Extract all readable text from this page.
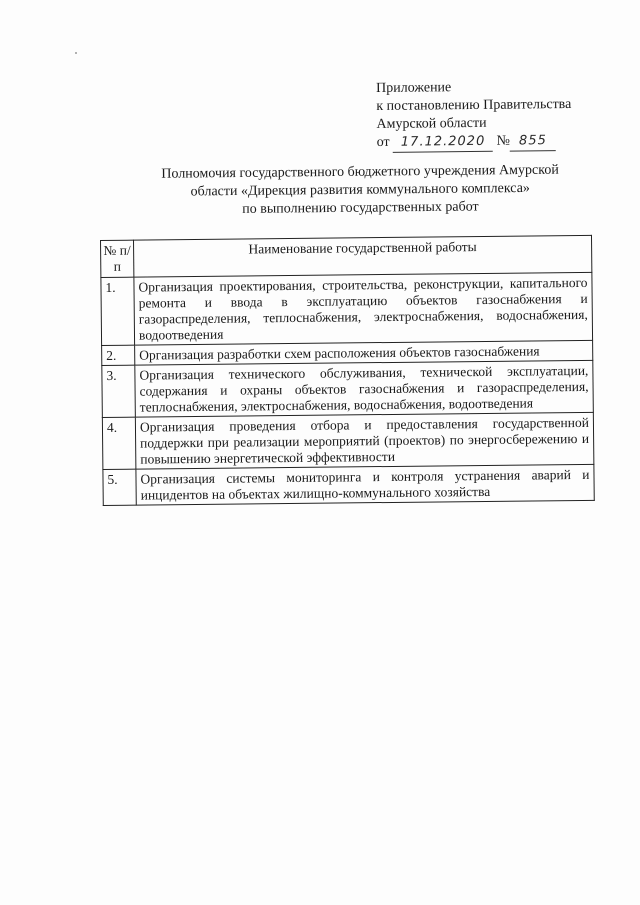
Приложение
к постановлению Правительства
Амурской области
от 17.12.2020 № 855
Полномочия государственного бюджетного учреждения Амурской
области «Дирекция развития коммунального комплекса»
по выполнению государственных работ
№ п/п	Наименование государственной работы
1.	Организация проектирования, строительства, реконструкции, капитального ремонта и ввода в эксплуатацию объектов газоснабжения и газораспределения, теплоснабжения, электроснабжения, водоснабжения, водоотведения
2.	Организация разработки схем расположения объектов газоснабжения
3.	Организация технического обслуживания, технической эксплуатации, содержания и охраны объектов газоснабжения и газораспределения, теплоснабжения, электроснабжения, водоснабжения, водоотведения
4.	Организация проведения отбора и предоставления государственной поддержки при реализации мероприятий (проектов) по энергосбережению и повышению энергетической эффективности
5.	Организация системы мониторинга и контроля устранения аварий и инцидентов на объектах жилищно-коммунального хозяйства
